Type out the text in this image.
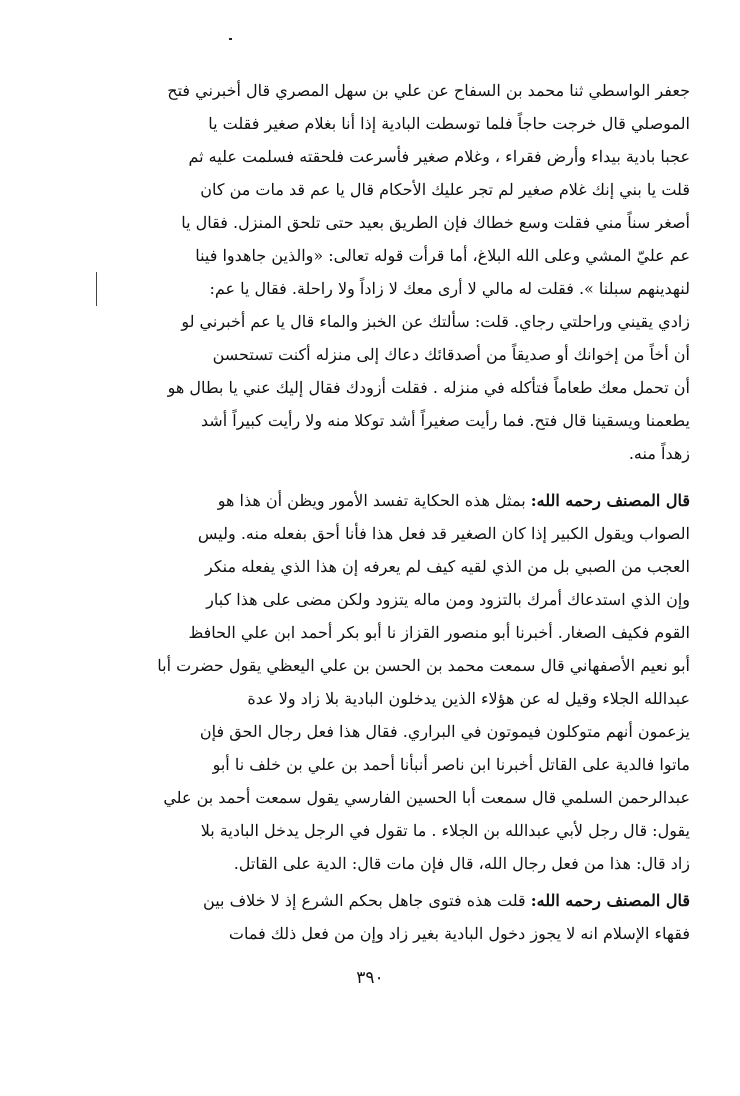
جعفر الواسطي ثنا محمد بن السفاح عن علي بن سهل المصري قال أخبرني فتح
الموصلي قال خرجت حاجاً فلما توسطت البادية إذا أنا بغلام صغير فقلت يا
عجبا بادية بيداء وأرض فقراء ، وغلام صغير فأسرعت فلحقته فسلمت عليه ثم
قلت يا بني إنك غلام صغير لم تجر عليك الأحكام قال يا عم قد مات من كان
أصغر سناً مني فقلت وسع خطاك فإن الطريق بعيد حتى تلحق المنزل. فقال يا
عم عليّ المشي وعلى الله البلاغ، أما قرأت قوله تعالى: «والذين جاهدوا فينا
لنهدينهم سبلنا ». فقلت له مالي لا أرى معك لا زاداً ولا راحلة. فقال يا عم:
زادي يقيني وراحلتي رجاي. قلت: سألتك عن الخبز والماء قال يا عم أخبرني لو
أن أخاً من إخوانك أو صديقاً من أصدقائك دعاك إلى منزله أكنت تستحسن
أن تحمل معك طعاماً فتأكله في منزله . فقلت أزودك فقال إليك عني يا بطال هو
يطعمنا ويسقينا قال فتح. فما رأيت صغيراً أشد توكلا منه ولا رأيت كبيراً أشد
زهداً منه.
قال المصنف رحمه الله: بمثل هذه الحكاية تفسد الأمور ويظن أن هذا هو
الصواب ويقول الكبير إذا كان الصغير قد فعل هذا فأنا أحق بفعله منه. وليس
العجب من الصبي بل من الذي لقيه كيف لم يعرفه إن هذا الذي يفعله منكر
وإن الذي استدعاك أمرك بالتزود ومن ماله يتزود ولكن مضى على هذا كبار
القوم فكيف الصغار. أخبرنا أبو منصور القزاز نا أبو بكر أحمد ابن علي الحافظ
أبو نعيم الأصفهاني قال سمعت محمد بن الحسن بن علي اليعظي يقول حضرت أبا
عبدالله الجلاء وقيل له عن هؤلاء الذين يدخلون البادية بلا زاد ولا عدة
يزعمون أنهم متوكلون فيموتون في البراري. فقال هذا فعل رجال الحق فإن
ماتوا فالدية على القاتل أخبرنا ابن ناصر أنبأنا أحمد بن علي بن خلف نا أبو
عبدالرحمن السلمي قال سمعت أبا الحسين الفارسي يقول سمعت أحمد بن علي
يقول: قال رجل لأبي عبدالله بن الجلاء . ما تقول في الرجل يدخل البادية بلا
زاد قال: هذا من فعل رجال الله، قال فإن مات قال: الدية على القاتل.
قال المصنف رحمه الله: قلت هذه فتوى جاهل بحكم الشرع إذ لا خلاف بين
فقهاء الإسلام انه لا يجوز دخول البادية بغير زاد وإن من فعل ذلك فمات
٣٩٠
